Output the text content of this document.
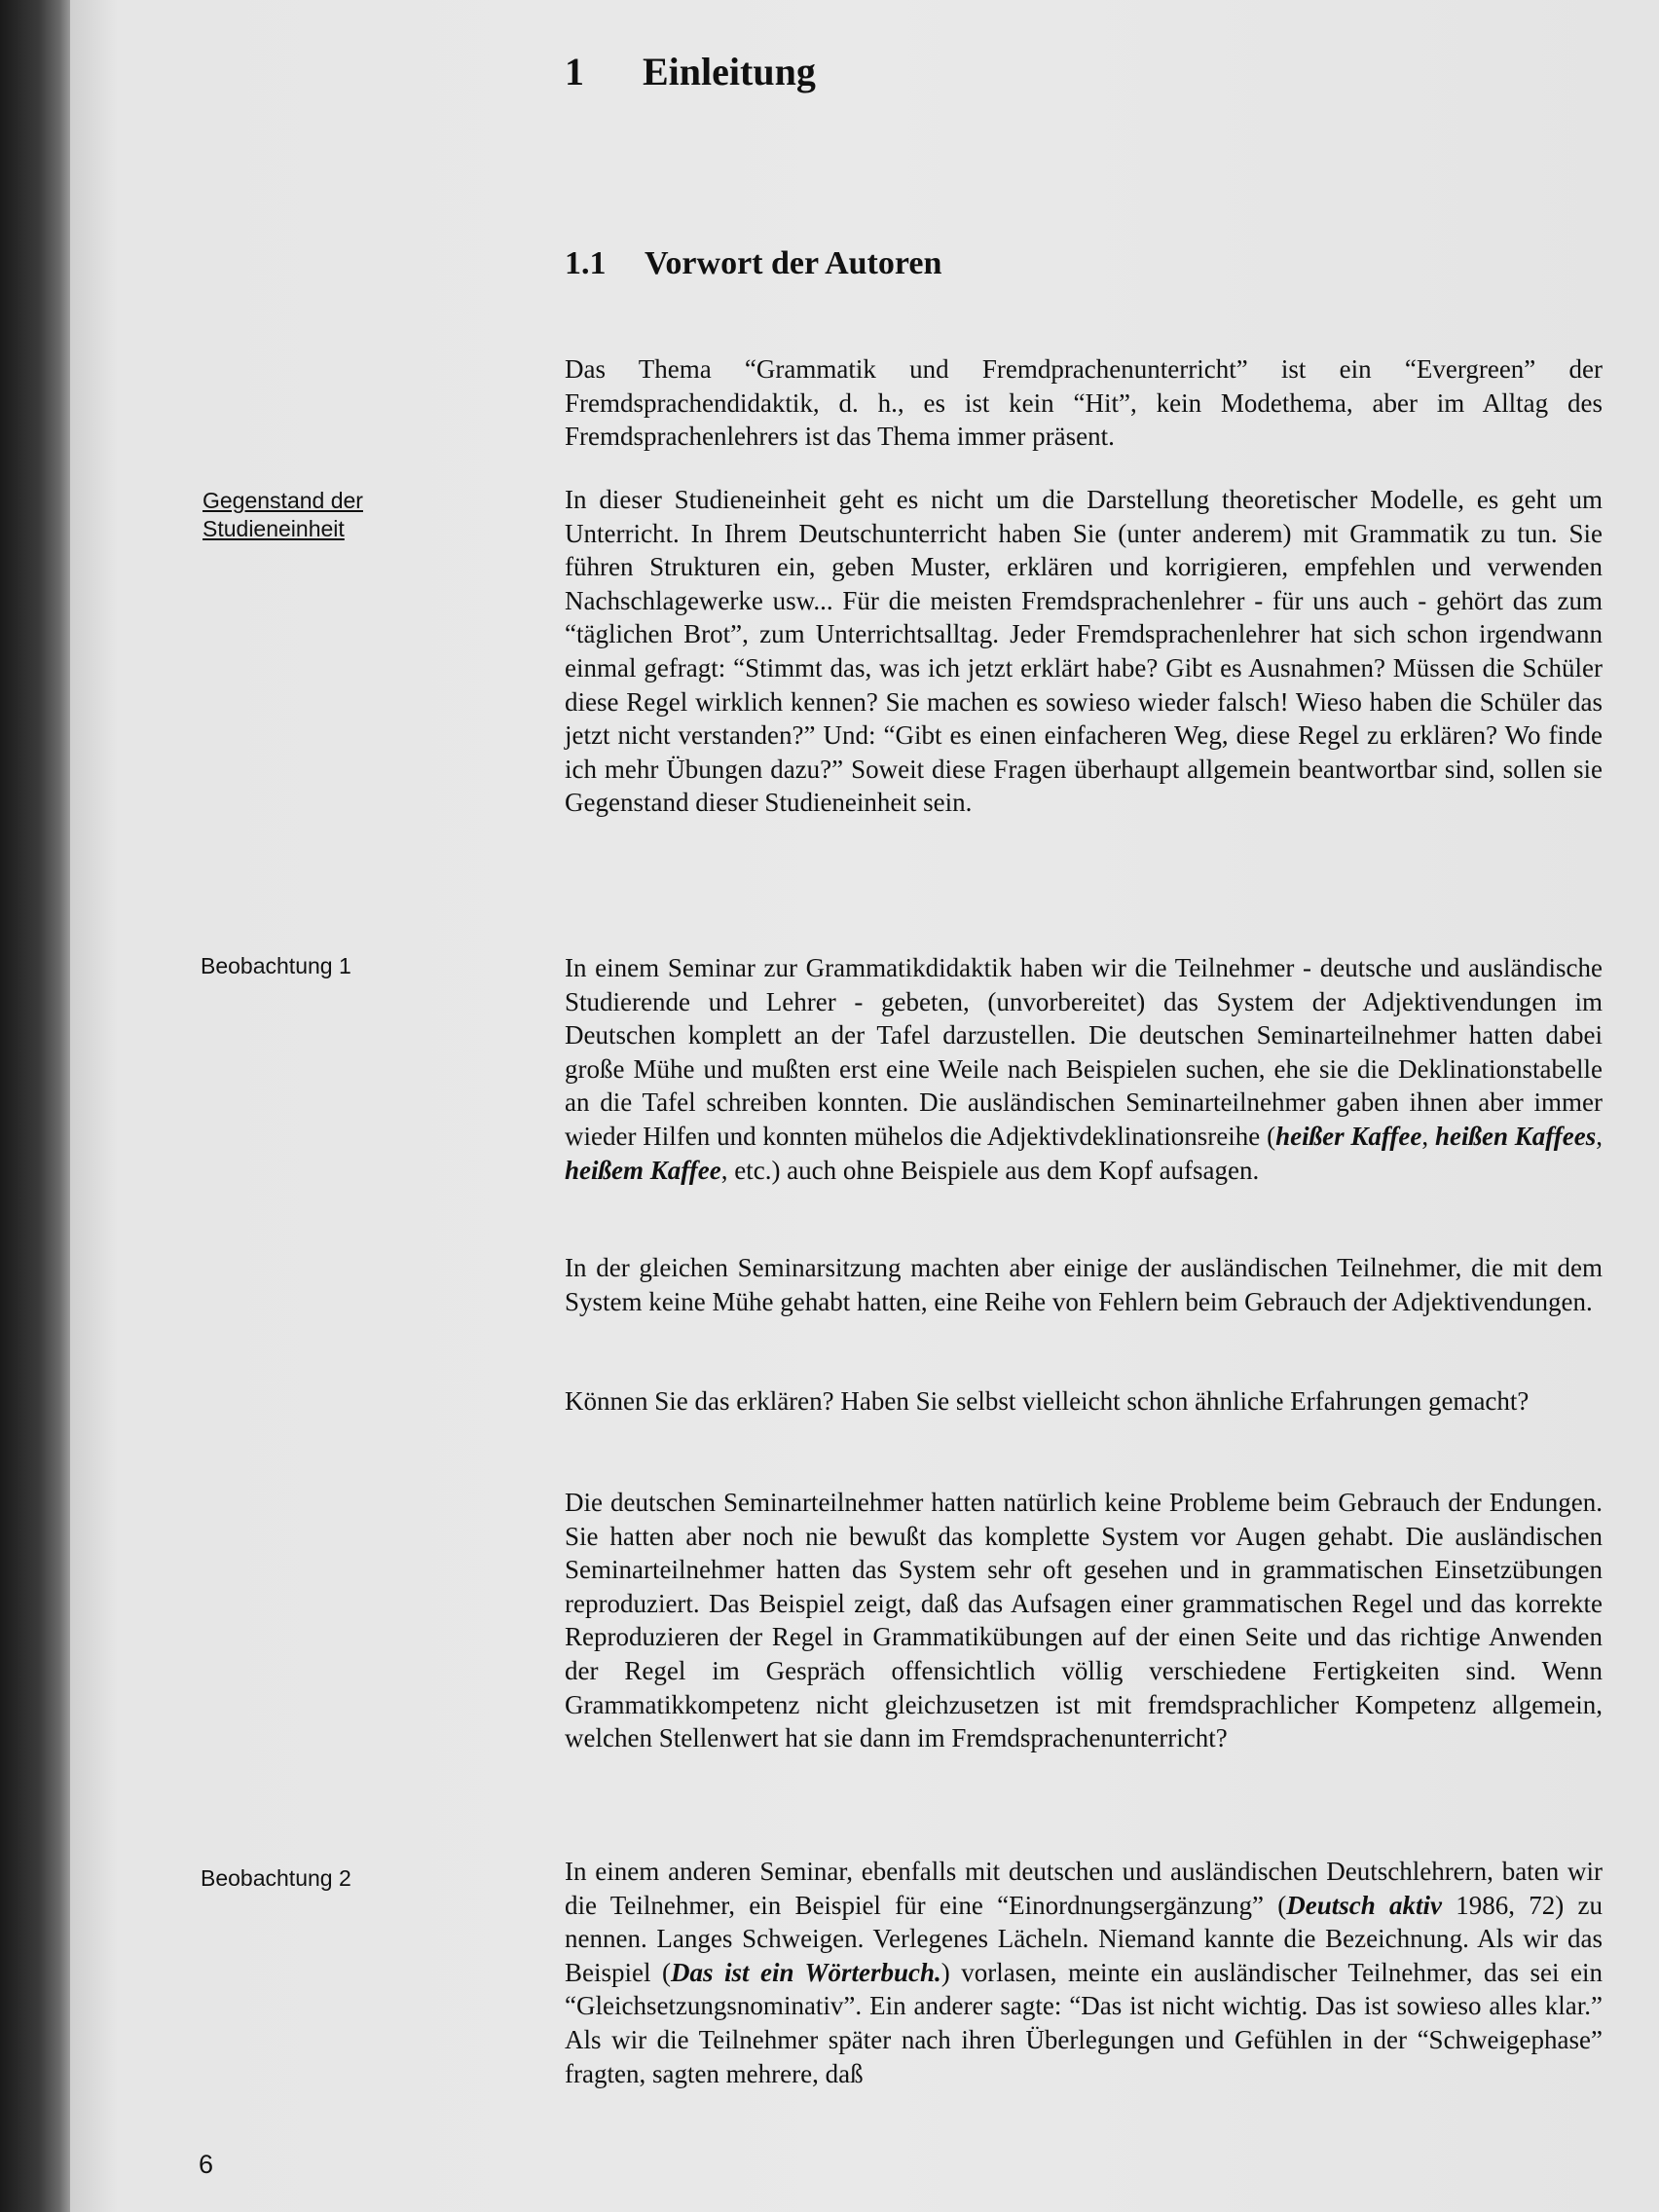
1 Einleitung
1.1 Vorwort der Autoren

Das Thema “Grammatik und Fremdprachenunterricht” ist ein “Evergreen” der Fremdsprachendidaktik, d. h., es ist kein “Hit”, kein Modethema, aber im Alltag des Fremdsprachenlehrers ist das Thema immer präsent.

Gegenstand der Studieneinheit

In dieser Studieneinheit geht es nicht um die Darstellung theoretischer Modelle, es geht um Unterricht. In Ihrem Deutschunterricht haben Sie (unter anderem) mit Grammatik zu tun. Sie führen Strukturen ein, geben Muster, erklären und korrigieren, empfehlen und verwenden Nachschlagewerke usw... Für die meisten Fremdsprachenlehrer - für uns auch - gehört das zum “täglichen Brot”, zum Unterrichtsalltag. Jeder Fremdsprachenlehrer hat sich schon irgendwann einmal gefragt: “Stimmt das, was ich jetzt erklärt habe? Gibt es Ausnahmen? Müssen die Schüler diese Regel wirklich kennen? Sie machen es sowieso wieder falsch! Wieso haben die Schüler das jetzt nicht verstanden?” Und: “Gibt es einen einfacheren Weg, diese Regel zu erklären? Wo finde ich mehr Übungen dazu?” Soweit diese Fragen überhaupt allgemein beantwortbar sind, sollen sie Gegenstand dieser Studieneinheit sein.

Beobachtung 1	In einem Seminar zur Grammatikdidaktik haben wir die Teilnehmer - deutsche und ausländische Studierende und Lehrer - gebeten, (unvorbereitet) das System der Adjektivendungen im Deutschen komplett an der Tafel darzustellen. Die deutschen Seminarteilnehmer hatten dabei große Mühe und mußten erst eine Weile nach Beispielen suchen, ehe sie die Deklinationstabelle an die Tafel schreiben konnten. Die ausländischen Seminarteilnehmer gaben ihnen aber immer wieder Hilfen und konnten mühelos die Adjektivdeklinationsreihe (heißer Kaffee, heißen Kaffees, heißem Kaffee, etc.) auch ohne Beispiele aus dem Kopf aufsagen.

In der gleichen Seminarsitzung machten aber einige der ausländischen Teilnehmer, die mit dem System keine Mühe gehabt hatten, eine Reihe von Fehlern beim Gebrauch der Adjektivendungen.

Können Sie das erklären? Haben Sie selbst vielleicht schon ähnliche Erfahrungen gemacht?

Die deutschen Seminarteilnehmer hatten natürlich keine Probleme beim Gebrauch der Endungen. Sie hatten aber noch nie bewußt das komplette System vor Augen gehabt. Die ausländischen Seminarteilnehmer hatten das System sehr oft gesehen und in grammatischen Einsetzübungen reproduziert. Das Beispiel zeigt, daß das Aufsagen einer grammatischen Regel und das korrekte Reproduzieren der Regel in Grammatikübungen auf der einen Seite und das richtige Anwenden der Regel im Gespräch offensichtlich völlig verschiedene Fertigkeiten sind. Wenn Grammatikkompetenz nicht gleichzusetzen ist mit fremdsprachlicher Kompetenz allgemein, welchen Stellenwert hat sie dann im Fremdsprachenunterricht?

Beobachtung 2	In einem anderen Seminar, ebenfalls mit deutschen und ausländischen Deutschlehrern, baten wir die Teilnehmer, ein Beispiel für eine “Einordnungsergänzung” (Deutsch aktiv 1986, 72) zu nennen. Langes Schweigen. Verlegenes Lächeln. Niemand kannte die Bezeichnung. Als wir das Beispiel (Das ist ein Wörterbuch.) vorlasen, meinte ein ausländischer Teilnehmer, das sei ein “Gleichsetzungsnominativ”. Ein anderer sagte: “Das ist nicht wichtig. Das ist sowieso alles klar.” Als wir die Teilnehmer später nach ihren Überlegungen und Gefühlen in der “Schweigephase” fragten, sagten mehrere, daß

6
